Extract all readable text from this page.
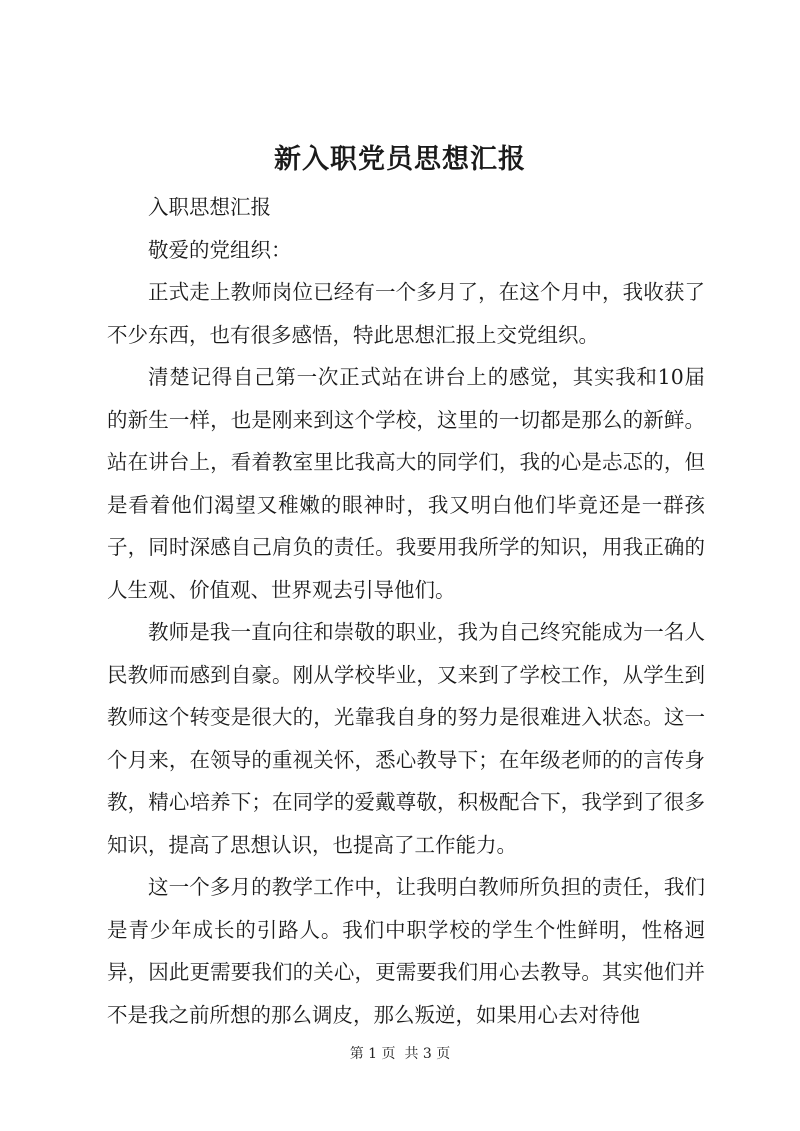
新入职党员思想汇报

入职思想汇报

敬爱的党组织：

正式走上教师岗位已经有一个多月了，在这个月中，我收获了不少东西，也有很多感悟，特此思想汇报上交党组织。

清楚记得自己第一次正式站在讲台上的感觉，其实我和10届的新生一样，也是刚来到这个学校，这里的一切都是那么的新鲜。站在讲台上，看着教室里比我高大的同学们，我的心是忐忑的，但是看着他们渴望又稚嫩的眼神时，我又明白他们毕竟还是一群孩子，同时深感自己肩负的责任。我要用我所学的知识，用我正确的人生观、价值观、世界观去引导他们。

教师是我一直向往和崇敬的职业，我为自己终究能成为一名人民教师而感到自豪。刚从学校毕业，又来到了学校工作，从学生到教师这个转变是很大的，光靠我自身的努力是很难进入状态。这一个月来，在领导的重视关怀，悉心教导下；在年级老师的的言传身教，精心培养下；在同学的爱戴尊敬，积极配合下，我学到了很多知识，提高了思想认识，也提高了工作能力。

这一个多月的教学工作中，让我明白教师所负担的责任，我们是青少年成长的引路人。我们中职学校的学生个性鲜明，性格迥异，因此更需要我们的关心，更需要我们用心去教导。其实他们并不是我之前所想的那么调皮，那么叛逆，如果用心去对待他

第 1 页  共 3 页
